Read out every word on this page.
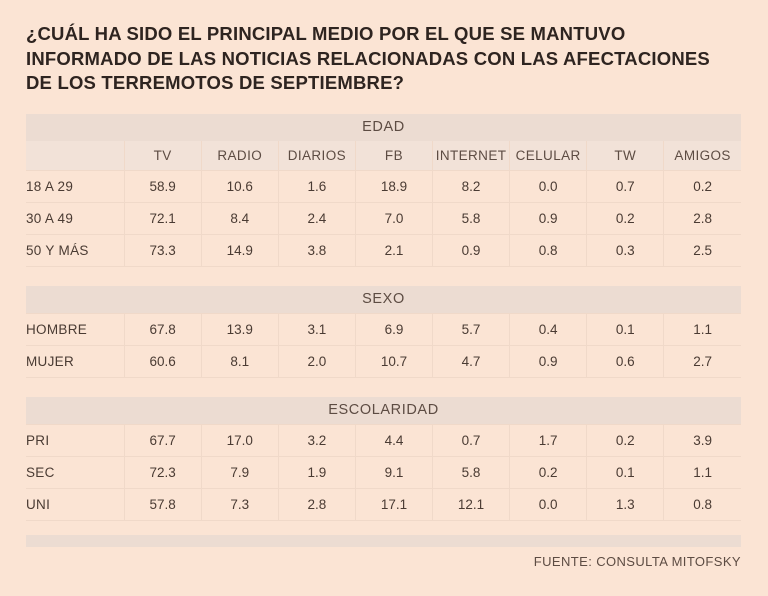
¿CUÁL HA SIDO EL PRINCIPAL MEDIO POR EL QUE SE MANTUVO INFORMADO DE LAS NOTICIAS RELACIONADAS CON LAS AFECTACIONES DE LOS TERREMOTOS DE SEPTIEMBRE?
EDAD								
	TV	RADIO	DIARIOS	FB	INTERNET	CELULAR	TW	AMIGOS
18 A 29	58.9	10.6	1.6	18.9	8.2	0.0	0.7	0.2
30 A 49	72.1	8.4	2.4	7.0	5.8	0.9	0.2	2.8
50 Y MÁS	73.3	14.9	3.8	2.1	0.9	0.8	0.3	2.5

SEXO								
HOMBRE	67.8	13.9	3.1	6.9	5.7	0.4	0.1	1.1
MUJER	60.6	8.1	2.0	10.7	4.7	0.9	0.6	2.7

ESCOLARIDAD								
PRI	67.7	17.0	3.2	4.4	0.7	1.7	0.2	3.9
SEC	72.3	7.9	1.9	9.1	5.8	0.2	0.1	1.1
UNI	57.8	7.3	2.8	17.1	12.1	0.0	1.3	0.8
FUENTE: CONSULTA MITOFSKY
